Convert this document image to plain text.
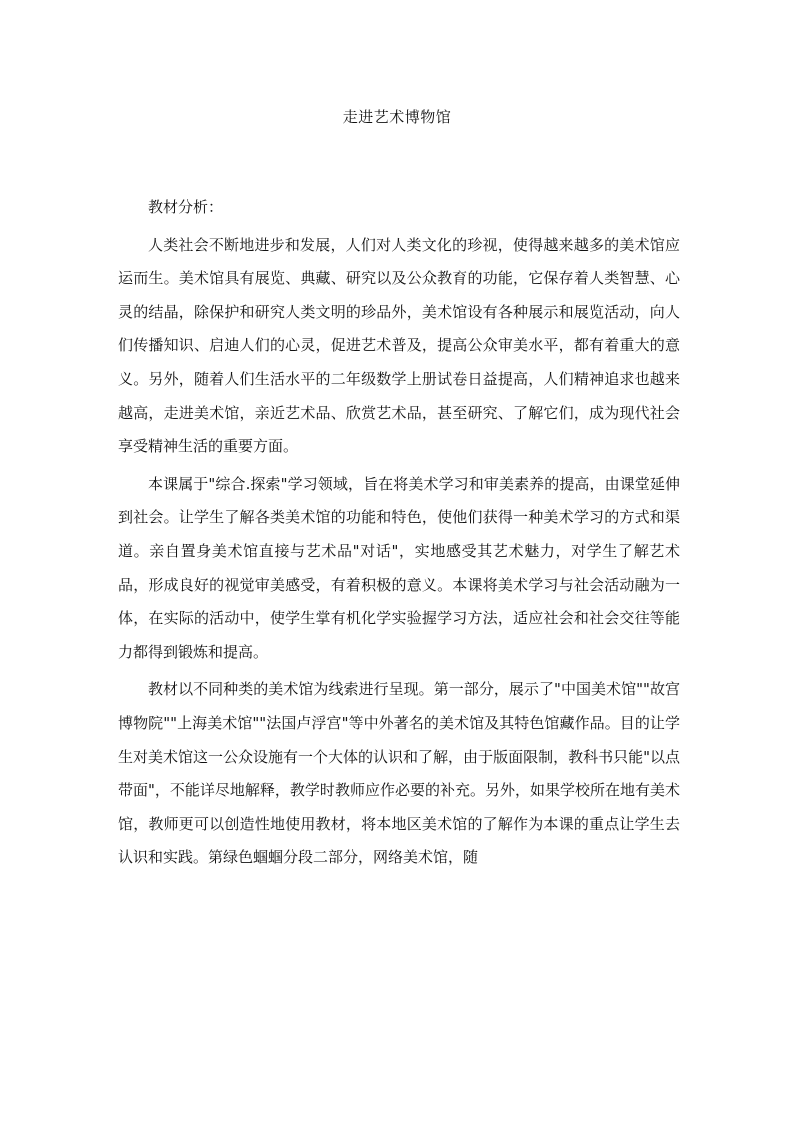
走进艺术博物馆

教材分析：

人类社会不断地进步和发展，人们对人类文化的珍视，使得越来越多的美术馆应运而生。美术馆具有展览、典藏、研究以及公众教育的功能，它保存着人类智慧、心灵的结晶，除保护和研究人类文明的珍品外，美术馆设有各种展示和展览活动，向人们传播知识、启迪人们的心灵，促进艺术普及，提高公众审美水平，都有着重大的意义。另外，随着人们生活水平的二年级数学上册试卷日益提高，人们精神追求也越来越高，走进美术馆，亲近艺术品、欣赏艺术品，甚至研究、了解它们，成为现代社会享受精神生活的重要方面。

本课属于"综合.探索"学习领域，旨在将美术学习和审美素养的提高，由课堂延伸到社会。让学生了解各类美术馆的功能和特色，使他们获得一种美术学习的方式和渠道。亲自置身美术馆直接与艺术品"对话"，实地感受其艺术魅力，对学生了解艺术品，形成良好的视觉审美感受，有着积极的意义。本课将美术学习与社会活动融为一体，在实际的活动中，使学生掌有机化学实验握学习方法，适应社会和社会交往等能力都得到锻炼和提高。

教材以不同种类的美术馆为线索进行呈现。第一部分，展示了"中国美术馆""故宫博物院""上海美术馆""法国卢浮宫"等中外著名的美术馆及其特色馆藏作品。目的让学生对美术馆这一公众设施有一个大体的认识和了解，由于版面限制，教科书只能"以点带面"，不能详尽地解释，教学时教师应作必要的补充。另外，如果学校所在地有美术馆，教师更可以创造性地使用教材，将本地区美术馆的了解作为本课的重点让学生去认识和实践。第绿色蝈蝈分段二部分，网络美术馆，随
